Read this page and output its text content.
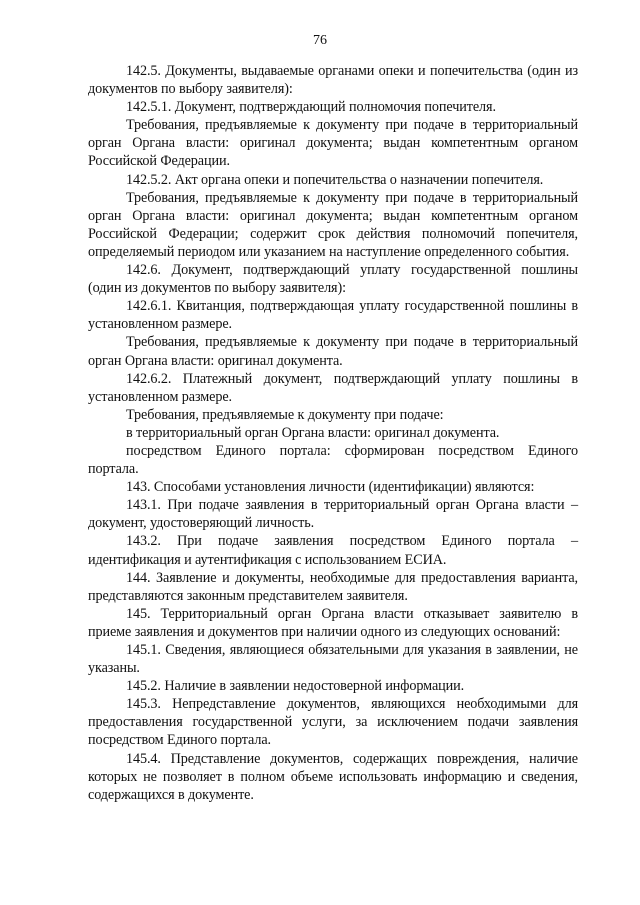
76

142.5. Документы, выдаваемые органами опеки и попечительства (один из документов по выбору заявителя):

142.5.1. Документ, подтверждающий полномочия попечителя.

Требования, предъявляемые к документу при подаче в территориальный орган Органа власти: оригинал документа; выдан компетентным органом Российской Федерации.

142.5.2. Акт органа опеки и попечительства о назначении попечителя.

Требования, предъявляемые к документу при подаче в территориальный орган Органа власти: оригинал документа; выдан компетентным органом Российской Федерации; содержит срок действия полномочий попечителя, определяемый периодом или указанием на наступление определенного события.

142.6. Документ, подтверждающий уплату государственной пошлины (один из документов по выбору заявителя):

142.6.1. Квитанция, подтверждающая уплату государственной пошлины в установленном размере.

Требования, предъявляемые к документу при подаче в территориальный орган Органа власти: оригинал документа.

142.6.2. Платежный документ, подтверждающий уплату пошлины в установленном размере.

Требования, предъявляемые к документу при подаче:

в территориальный орган Органа власти: оригинал документа.

посредством Единого портала: сформирован посредством Единого портала.

143. Способами установления личности (идентификации) являются:

143.1. При подаче заявления в территориальный орган Органа власти – документ, удостоверяющий личность.

143.2. При подаче заявления посредством Единого портала – идентификация и аутентификация с использованием ЕСИА.

144. Заявление и документы, необходимые для предоставления варианта, представляются законным представителем заявителя.

145. Территориальный орган Органа власти отказывает заявителю в приеме заявления и документов при наличии одного из следующих оснований:

145.1. Сведения, являющиеся обязательными для указания в заявлении, не указаны.

145.2. Наличие в заявлении недостоверной информации.

145.3. Непредставление документов, являющихся необходимыми для предоставления государственной услуги, за исключением подачи заявления посредством Единого портала.

145.4. Представление документов, содержащих повреждения, наличие которых не позволяет в полном объеме использовать информацию и сведения, содержащихся в документе.
